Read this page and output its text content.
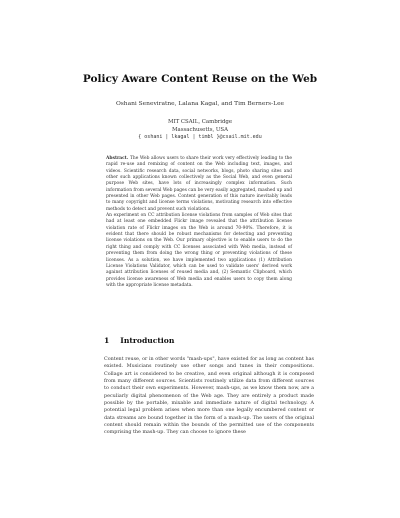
Policy Aware Content Reuse on the Web
Oshani Seneviratne, Lalana Kagal, and Tim Berners-Lee
MIT CSAIL, Cambridge
Massachusetts, USA
{ oshani | lkagal | timbl }@csail.mit.edu

Abstract. The Web allows users to share their work very effectively leading to the rapid re-use and remixing of content on the Web including text, images, and videos. Scientific research data, social networks, blogs, photo sharing sites and other such applications known collectively as the Social Web, and even general purpose Web sites, have lots of increasingly complex information. Such information from several Web pages can be very easily aggregated, mashed up and presented in other Web pages. Content generation of this nature inevitably leads to many copyright and license terms violations, motivating research into effective methods to detect and prevent such violations.

An experiment on CC attribution license violations from samples of Web sites that had at least one embedded Flickr image revealed that the attribution license violation rate of Flickr images on the Web is around 70-90%. Therefore, it is evident that there should be robust mechanisms for detecting and preventing license violations on the Web. Our primary objective is to enable users to do the right thing and comply with CC licenses associated with Web media, instead of preventing them from doing the wrong thing or preventing violations of these licenses. As a solution, we have implemented two applications (1) Attribution License Violations Validator, which can be used to validate users' derived work against attribution licenses of reused media and, (2) Semantic Clipboard, which provides license awareness of Web media and enables users to copy them along with the appropriate license metadata.

1 Introduction

Content reuse, or in other words "mash-ups", have existed for as long as content has existed. Musicians routinely use other songs and tunes in their compositions. Collage art is considered to be creative, and even original although it is composed from many different sources. Scientists routinely utilize data from different sources to conduct their own experiments. However, mash-ups, as we know them now, are a peculiarly digital phenomenon of the Web age. They are entirely a product made possible by the portable, mixable and immediate nature of digital technology. A potential legal problem arises when more than one legally encumbered content or data streams are bound together in the form of a mash-up. The users of the original content should remain within the bounds of the permitted use of the components comprising the mash-up. They can choose to ignore these
